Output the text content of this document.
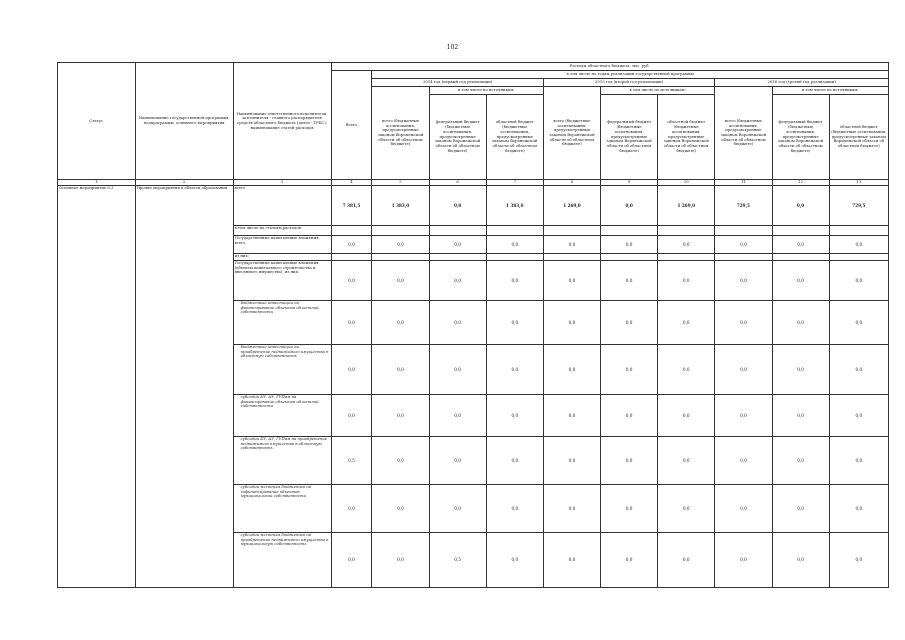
102
Статус	Наименование государственной программы, подпрограммы, основного мероприятия	Наименование ответственного исполнителя, исполнителя - главного распорядителя средств областного бюджета (далее - ГРБС), наименование статей расходов	Расходы областного бюджета, тыс. руб.									
			Всего	в том числе по годам реализации государственной программы								
				2014 год (первый год реализации)			2015 год (второй год реализации)			2016 год (третий год реализации)		
				всего (бюджетные ассигнования, предусмотренные законом Воронежской области об областном бюджете)	в том числе по источникам:		всего (бюджетные ассигнования, предусмотренные законом Воронежской области об областном бюджете)	в том числе по источникам:		всего (бюджетные ассигнования, предусмотренные законом Воронежской области об областном бюджете)	в том числе по источникам:	
					федеральный бюджет (бюджетные ассигнования, предусмотренные законом Воронежской области об областном бюджете)	областной бюджет (бюджетные ассигнования, предусмотренные законом Воронежской области об областном бюджете)		федеральный бюджет (бюджетные ассигнования, предусмотренные законом Воронежской области об областном бюджете)	областной бюджет (бюджетные ассигнования, предусмотренные законом Воронежской области об областном бюджете)		федеральный бюджет (бюджетные ассигнования, предусмотренные законом Воронежской области об областном бюджете)	областной бюджет (бюджетные ассигнования, предусмотренные законом Воронежской области об областном бюджете)
1	2	3	4	5	6	7	8	9	10	11	12	13
Основное мероприятие 6.3	Прочие мероприятия в области образования	всего	7 381,5	1 383,0	0,0	1 383,0	1 269,0	0,0	1 269,0	729,5	0,0	729,5
		в том числе по статьям расходов:										
		Государственные капитальные вложения, всего	0,0	0,0	0,0	0,0	0,0	0,0	0,0	0,0	0,0	0,0
		из них:										
		Государственные капитальные вложения (объекты капитального строительства и внесенного имущества), из них:	0,0	0,0	0,0	0,0	0,0	0,0	0,0	0,0	0,0	0,0
		бюджетные инвестиции на финансирование объектов областной собственности	0,0	0,0	0,0	0,0	0,0	0,0	0,0	0,0	0,0	0,0
		бюджетные инвестиции на приобретение недвижимого имущества в областную собственность	0,0	0,0	0,0	0,0	0,0	0,0	0,0	0,0	0,0	0,0
		субсидии БУ, АУ, ГУПам на финансирование объектов областной собственности	0,0	0,0	0,0	0,0	0,0	0,0	0,0	0,0	0,0	0,0
		субсидии БУ, АУ, ГУПам на приобретение недвижимого имущества в областную собственность	0,5	0,0	0,0	0,0	0,0	0,0	0,0	0,0	0,0	0,0
		субсидии местным бюджетам на софинансирование объектов муниципальной собственности	0,0	0,0	0,0	0,0	0,0	0,0	0,0	0,0	0,0	0,0
		субсидии местным бюджетам на приобретение недвижимого имущества в муниципальную собственность	0,0	0,0	0,5	0,0	0,0	0,0	0,0	0,0	0,0	0,0
